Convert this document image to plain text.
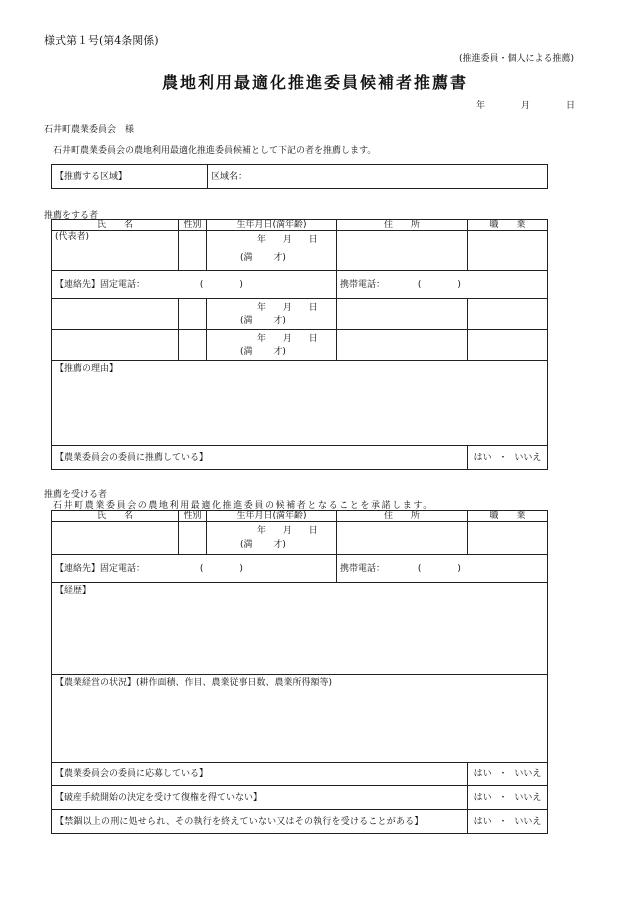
様式第１号(第4条関係)
(推進委員・個人による推薦)
農地利用最適化推進委員候補者推薦書
年　　　　月　　　　日
石井町農業委員会　様
石井町農業委員会の農地利用最適化推進委員候補として下記の者を推薦します。
【推薦する区域】	区域名：
推薦をする者
氏　　名	性別	生年月日(満年齢)	住　　所	職　　業
(代表者)		年 月 日
(満 才)		

【連絡先】固定電話： (　　　　)			携帯電話： (　　　　)	

		年 月 日
(満 才)		

		年 月 日
(満 才)		

【推薦の理由】				
【農業委員会の委員に推薦している】				はい ・ いいえ
推薦を受ける者
石井町農業委員会の農地利用最適化推進委員の候補者となることを承諾します。
氏　　名	性別	生年月日(満年齢)	住　　所	職　　業

		年 月 日
(満 才)		

【連絡先】固定電話： (　　　　)			携帯電話： (　　　　)	
【経歴】				
【農業経営の状況】(耕作面積、作目、農業従事日数、農業所得額等)				
【農業委員会の委員に応募している】				はい ・ いいえ
【破産手続開始の決定を受けて復権を得ていない】				はい ・ いいえ
【禁錮以上の刑に処せられ、その執行を終えていない又はその執行を受けることがある】				はい ・ いいえ
